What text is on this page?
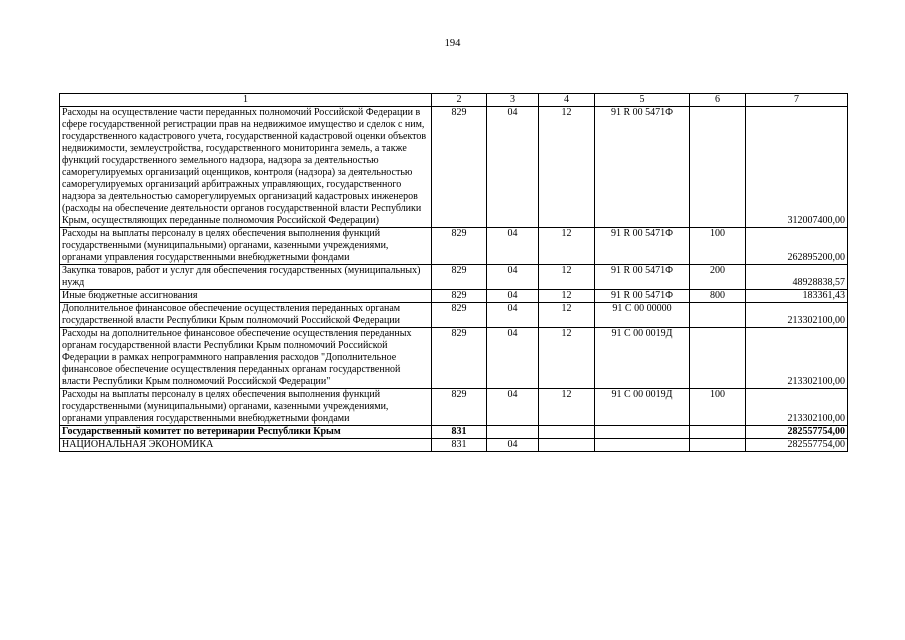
194
1	2	3	4	5	6	7
Расходы на осуществление части переданных полномочий Российской Федерации в сфере государственной регистрации прав на недвижимое имущество и сделок с ним, государственного кадастрового учета, государственной кадастровой оценки объектов недвижимости, землеустройства, государственного мониторинга земель, а также функций государственного земельного надзора, надзора за деятельностью саморегулируемых организаций оценщиков, контроля (надзора) за деятельностью саморегулируемых организаций арбитражных управляющих, государственного надзора за деятельностью саморегулируемых организаций кадастровых инженеров (расходы на обеспечение деятельности органов государственной власти Республики Крым, осуществляющих переданные полномочия Российской Федерации)	829	04	12	91 R 00 5471Ф		312007400,00
Расходы на выплаты персоналу в целях обеспечения выполнения функций государственными (муниципальными) органами, казенными учреждениями, органами управления государственными внебюджетными фондами	829	04	12	91 R 00 5471Ф	100	262895200,00
Закупка товаров, работ и услуг для обеспечения государственных (муниципальных) нужд	829	04	12	91 R 00 5471Ф	200	48928838,57
Иные бюджетные ассигнования	829	04	12	91 R 00 5471Ф	800	183361,43
Дополнительное финансовое обеспечение осуществления переданных органам государственной власти Республики Крым полномочий Российской Федерации	829	04	12	91 С 00 00000		213302100,00
Расходы на дополнительное финансовое обеспечение осуществления переданных органам государственной власти Республики Крым полномочий Российской Федерации в рамках непрограммного направления расходов "Дополнительное финансовое обеспечение осуществления переданных органам государственной власти Республики Крым полномочий Российской Федерации"	829	04	12	91 С 00 0019Д		213302100,00
Расходы на выплаты персоналу в целях обеспечения выполнения функций государственными (муниципальными) органами, казенными учреждениями, органами управления государственными внебюджетными фондами	829	04	12	91 С 00 0019Д	100	213302100,00
Государственный комитет по ветеринарии Республики Крым	831					282557754,00
НАЦИОНАЛЬНАЯ ЭКОНОМИКА	831	04				282557754,00
